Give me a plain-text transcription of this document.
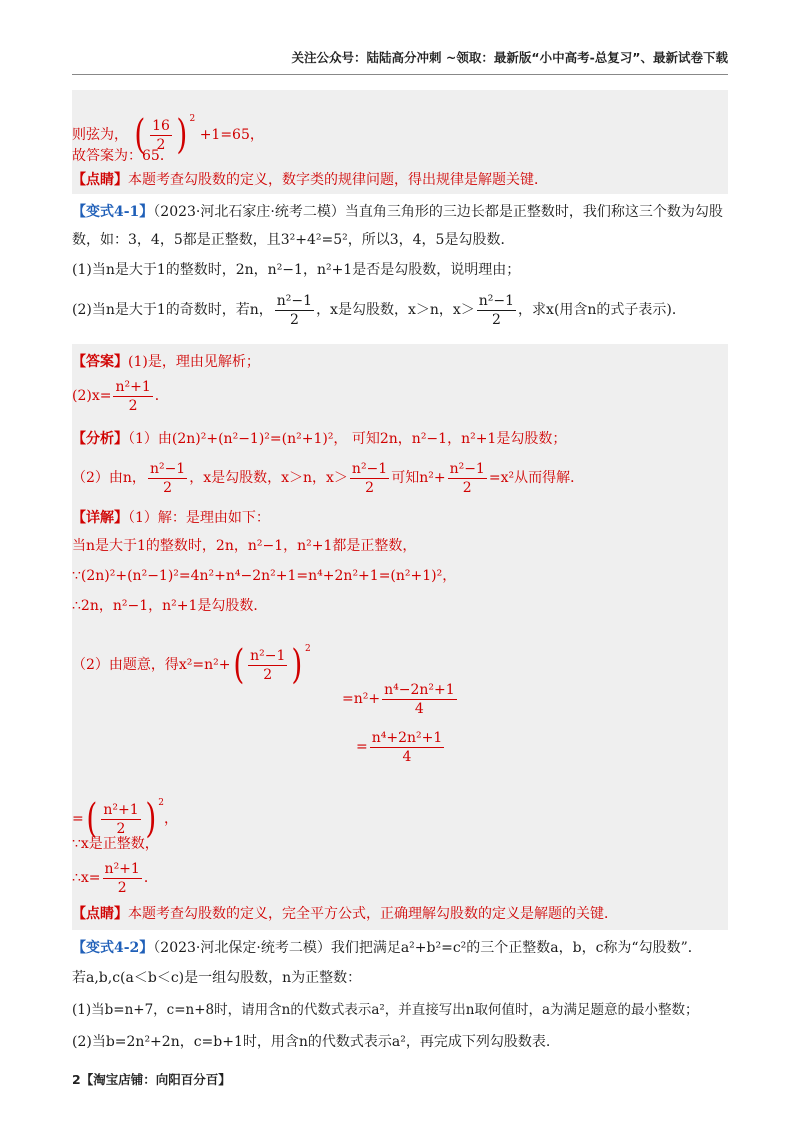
关注公众号：陆陆高分冲刺 ~领取：最新版“小中高考-总复习”、最新试卷下载
则弦为， ( $\frac{16}{2}$ ) $^2$ +1=65，
故答案为：65．
【点睛】本题考查勾股数的定义，数字类的规律问题，得出规律是解题关键．
【变式4-1】（2023·河北石家庄·统考二模）当直角三角形的三边长都是正整数时，我们称这三个数为勾股
数，如：3，4，5都是正整数，且3²+4²=5²，所以3，4，5是勾股数．
(1)当n是大于1的整数时，2n，n²−1，n²+1是否是勾股数，说明理由；
(2)当n是大于1的奇数时，若n， $\frac{\text{n²−1}}{2}$ ，x是勾股数，x＞n，$x> \frac{\text{n²−1}}{2}$ ，求x(用含n的式子表示)．
【答案】(1)是，理由见解析；
$(2)x= \frac{\text{n²+1}}{2}$ ．
【分析】（1）由(2n)²+(n²−1)²=(n²+1)²， 可知2n，n²−1，n²+1是勾股数；
（2）由n， $\frac{\text{n²−1}}{2}$ ，x是勾股数，x＞n，$x> \frac{\text{n²−1}}{2}$ 可知$n^2+ \frac{\text{n²−1}}{2} =x^2$从而得解．
【详解】（1）解：是理由如下：
当n是大于1的整数时，2n，n²−1，n²+1都是正整数，
∵(2n)²+(n²−1)²=4n²+n⁴−2n²+1=n⁴+2n²+1=(n²+1)²，
∴2n，n²−1，n²+1是勾股数．
（2）由题意，得$x^2=n^2+( \frac{\text{n²−1}}{2}$ ) $^2$
$=n^2+ \frac{\text{n⁴−2n²+1}}{4}$
= $\frac{\text{n⁴+2n²+1}}{4}$
=( $\frac{\text{n²+1}}{2}$ ) $^2$，
∵x是正整数，
∴x= $\frac{\text{n²+1}}{2}$ ．
【点睛】本题考查勾股数的定义，完全平方公式，正确理解勾股数的定义是解题的关键．
【变式4-2】（2023·河北保定·统考二模）我们把满足a²+b²=c²的三个正整数a，b，c称为“勾股数”．
若a,b,c(a＜b＜c)是一组勾股数，n为正整数：
(1)当b=n+7，c=n+8时，请用含n的代数式表示a²，并直接写出n取何值时，a为满足题意的最小整数；
(2)当b=2n²+2n，c=b+1时，用含n的代数式表示a²，再完成下列勾股数表.
2【淘宝店铺：向阳百分百】
